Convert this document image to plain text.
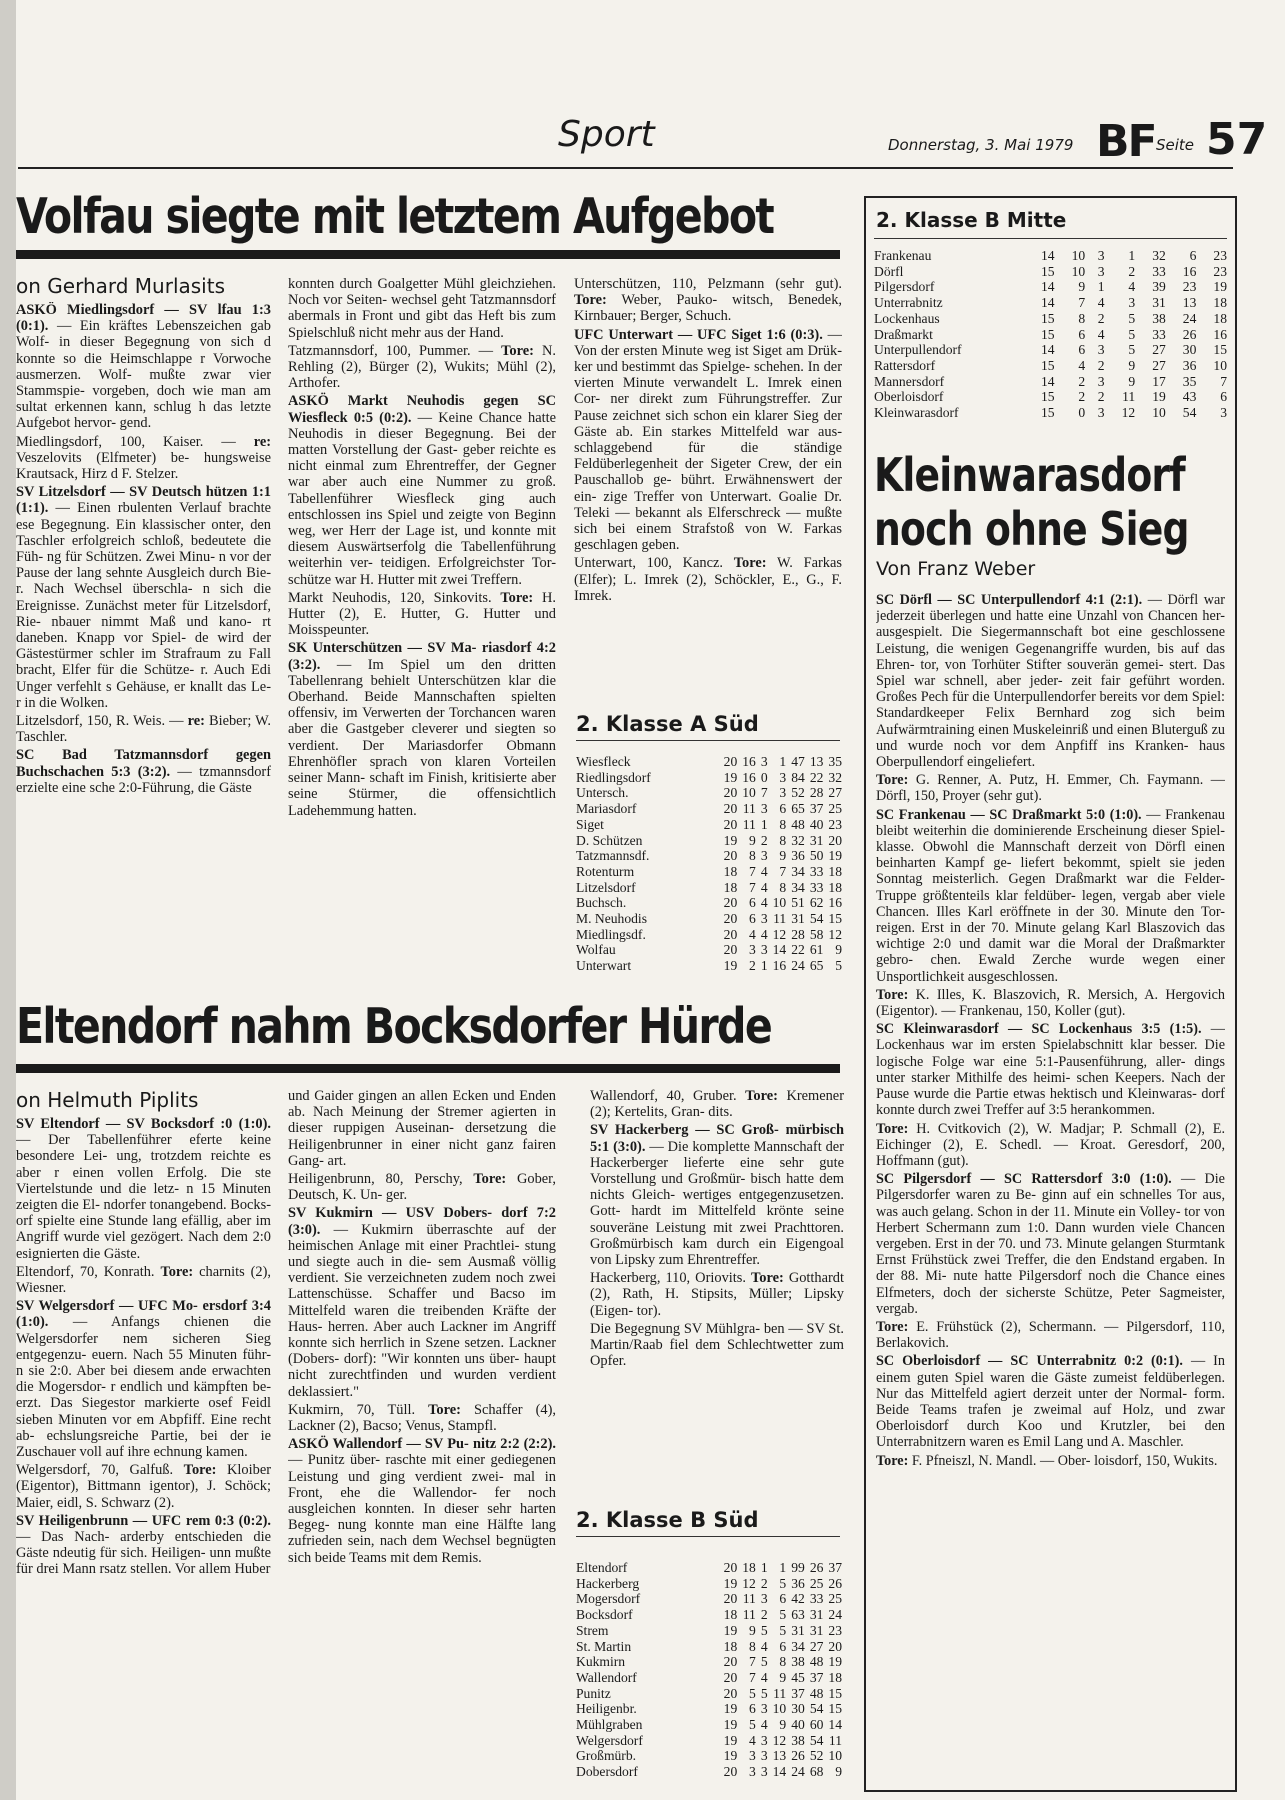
Sport	Donnerstag, 3. Mai 1979 BF Seite 57
Volfau siegte mit letztem Aufgebot
on Gerhard Murlasits

ASKÖ Miedlingsdorf — SV lfau 1:3 (0:1). — Ein kräftes Lebenszeichen gab Wolf- in dieser Begegnung von sich d konnte so die Heimschlappe r Vorwoche ausmerzen. Wolf- mußte zwar vier Stammspie- vorgeben, doch wie man am sultat erkennen kann, schlug h das letzte Aufgebot hervor- gend.

Miedlingsdorf, 100, Kaiser. — re: Veszelovits (Elfmeter) be- hungsweise Krautsack, Hirz d F. Stelzer.

SV Litzelsdorf — SV Deutsch hützen 1:1 (1:1). — Einen rbulenten Verlauf brachte ese Begegnung. Ein klassischer onter, den Taschler erfolgreich schloß, bedeutete die Füh- ng für Schützen. Zwei Minu- n vor der Pause der lang sehnte Ausgleich durch Bie- r. Nach Wechsel überschla- n sich die Ereignisse. Zunächst meter für Litzelsdorf, Rie- nbauer nimmt Maß und kano- rt daneben. Knapp vor Spiel- de wird der Gästestürmer schler im Strafraum zu Fall bracht, Elfer für die Schütze- r. Auch Edi Unger verfehlt s Gehäuse, er knallt das Le- r in die Wolken.

Litzelsdorf, 150, R. Weis. — re: Bieber; W. Taschler.

SC Bad Tatzmannsdorf gegen Buchschachen 5:3 (3:2). — tzmannsdorf erzielte eine sche 2:0-Führung, die Gäste

konnten durch Goalgetter Mühl gleichziehen. Noch vor Seiten- wechsel geht Tatzmannsdorf abermals in Front und gibt das Heft bis zum Spielschluß nicht mehr aus der Hand.

Tatzmannsdorf, 100, Pummer. — Tore: N. Rehling (2), Bürger (2), Wukits; Mühl (2), Arthofer.

ASKÖ Markt Neuhodis gegen SC Wiesfleck 0:5 (0:2). — Keine Chance hatte Neuhodis in dieser Begegnung. Bei der matten Vorstellung der Gast- geber reichte es nicht einmal zum Ehrentreffer, der Gegner war aber auch eine Nummer zu groß. Tabellenführer Wiesfleck ging auch entschlossen ins Spiel und zeigte von Beginn weg, wer Herr der Lage ist, und konnte mit diesem Auswärtserfolg die Tabellenführung weiterhin ver- teidigen. Erfolgreichster Tor- schütze war H. Hutter mit zwei Treffern.

Markt Neuhodis, 120, Sinkovits. Tore: H. Hutter (2), E. Hutter, G. Hutter und Moisspeunter.

SK Unterschützen — SV Ma- riasdorf 4:2 (3:2). — Im Spiel um den dritten Tabellenrang behielt Unterschützen klar die Oberhand. Beide Mannschaften spielten offensiv, im Verwerten der Torchancen waren aber die Gastgeber cleverer und siegten so verdient. Der Mariasdorfer Obmann Ehrenhöfler sprach von klaren Vorteilen seiner Mann- schaft im Finish, kritisierte aber seine Stürmer, die offensichtlich Ladehemmung hatten.

Unterschützen, 110, Pelzmann (sehr gut). Tore: Weber, Pauko- witsch, Benedek, Kirnbauer; Berger, Schuch.

UFC Unterwart — UFC Siget 1:6 (0:3). — Von der ersten Minute weg ist Siget am Drük- ker und bestimmt das Spielge- schehen. In der vierten Minute verwandelt L. Imrek einen Cor- ner direkt zum Führungstreffer. Zur Pause zeichnet sich schon ein klarer Sieg der Gäste ab. Ein starkes Mittelfeld war aus- schlaggebend für die ständige Feldüberlegenheit der Sigeter Crew, der ein Pauschallob ge- bührt. Erwähnenswert der ein- zige Treffer von Unterwart. Goalie Dr. Teleki — bekannt als Elferschreck — mußte sich bei einem Strafstoß von W. Farkas geschlagen geben.

Unterwart, 100, Kancz. Tore: W. Farkas (Elfer); L. Imrek (2), Schöckler, E., G., F. Imrek.

2. Klasse A Süd
Wiesfleck	20	16	3	1	47	13	35
Riedlingsdorf	19	16	0	3	84	22	32
Untersch.	20	10	7	3	52	28	27
Mariasdorf	20	11	3	6	65	37	25
Siget	20	11	1	8	48	40	23
D. Schützen	19	9	2	8	32	31	20
Tatzmannsdf.	20	8	3	9	36	50	19
Rotenturm	18	7	4	7	34	33	18
Litzelsdorf	18	7	4	8	34	33	18
Buchsch.	20	6	4	10	51	62	16
M. Neuhodis	20	6	3	11	31	54	15
Miedlingsdf.	20	4	4	12	28	58	12
Wolfau	20	3	3	14	22	61	9
Unterwart	19	2	1	16	24	65	5
Eltendorf nahm Bocksdorfer Hürde
on Helmuth Piplits

SV Eltendorf — SV Bocksdorf :0 (1:0). — Der Tabellenführer eferte keine besondere Lei- ung, trotzdem reichte es aber r einen vollen Erfolg. Die ste Viertelstunde und die letz- n 15 Minuten zeigten die El- ndorfer tonangebend. Bocks- orf spielte eine Stunde lang efällig, aber im Angriff wurde viel gezögert. Nach dem 2:0 esignierten die Gäste.

Eltendorf, 70, Konrath. Tore: charnits (2), Wiesner.

SV Welgersdorf — UFC Mo- ersdorf 3:4 (1:0). — Anfangs chienen die Welgersdorfer nem sicheren Sieg entgegenzu- euern. Nach 55 Minuten führ- n sie 2:0. Aber bei diesem ande erwachten die Mogersdor- r endlich und kämpften be- erzt. Das Siegestor markierte osef Feidl sieben Minuten vor em Abpfiff. Eine recht ab- echslungsreiche Partie, bei der ie Zuschauer voll auf ihre echnung kamen.

Welgersdorf, 70, Galfuß. Tore: Kloiber (Eigentor), Bittmann igentor), J. Schöck; Maier, eidl, S. Schwarz (2).

SV Heiligenbrunn — UFC rem 0:3 (0:2). — Das Nach- arderby entschieden die Gäste ndeutig für sich. Heiligen- unn mußte für drei Mann rsatz stellen. Vor allem Huber

und Gaider gingen an allen Ecken und Enden ab. Nach Meinung der Stremer agierten in dieser ruppigen Auseinan- dersetzung die Heiligenbrunner in einer nicht ganz fairen Gang- art.

Heiligenbrunn, 80, Perschy, Tore: Gober, Deutsch, K. Un- ger.

SV Kukmirn — USV Dobers- dorf 7:2 (3:0). — Kukmirn überraschte auf der heimischen Anlage mit einer Prachtlei- stung und siegte auch in die- sem Ausmaß völlig verdient. Sie verzeichneten zudem noch zwei Lattenschüsse. Schaffer und Bacso im Mittelfeld waren die treibenden Kräfte der Haus- herren. Aber auch Lackner im Angriff konnte sich herrlich in Szene setzen. Lackner (Dobers- dorf): "Wir konnten uns über- haupt nicht zurechtfinden und wurden verdient deklassiert."

Kukmirn, 70, Tüll. Tore: Schaffer (4), Lackner (2), Bacso; Venus, Stampfl.

ASKÖ Wallendorf — SV Pu- nitz 2:2 (2:2). — Punitz über- raschte mit einer gediegenen Leistung und ging verdient zwei- mal in Front, ehe die Wallendor- fer noch ausgleichen konnten. In dieser sehr harten Begeg- nung konnte man eine Hälfte lang zufrieden sein, nach dem Wechsel begnügten sich beide Teams mit dem Remis.

Wallendorf, 40, Gruber. Tore: Kremener (2); Kertelits, Gran- dits.

SV Hackerberg — SC Groß- mürbisch 5:1 (3:0). — Die komplette Mannschaft der Hackerberger lieferte eine sehr gute Vorstellung und Großmür- bisch hatte dem nichts Gleich- wertiges entgegenzusetzen. Gott- hardt im Mittelfeld krönte seine souveräne Leistung mit zwei Prachttoren. Großmürbisch kam durch ein Eigengoal von Lipsky zum Ehrentreffer.

Hackerberg, 110, Oriovits. Tore: Gotthardt (2), Rath, H. Stipsits, Müller; Lipsky (Eigen- tor).

Die Begegnung SV Mühlgra- ben — SV St. Martin/Raab fiel dem Schlechtwetter zum Opfer.

2. Klasse B Süd
Eltendorf	20	18	1	1	99	26	37
Hackerberg	19	12	2	5	36	25	26
Mogersdorf	20	11	3	6	42	33	25
Bocksdorf	18	11	2	5	63	31	24
Strem	19	9	5	5	31	31	23
St. Martin	18	8	4	6	34	27	20
Kukmirn	20	7	5	8	38	48	19
Wallendorf	20	7	4	9	45	37	18
Punitz	20	5	5	11	37	48	15
Heiligenbr.	19	6	3	10	30	54	15
Mühlgraben	19	5	4	9	40	60	14
Welgersdorf	19	4	3	12	38	54	11
Großmürb.	19	3	3	13	26	52	10
Dobersdorf	20	3	3	14	24	68	9
2. Klasse B Mitte
Frankenau	14	10	3	1	32	6	23
Dörfl	15	10	3	2	33	16	23
Pilgersdorf	14	9	1	4	39	23	19
Unterrabnitz	14	7	4	3	31	13	18
Lockenhaus	15	8	2	5	38	24	18
Draßmarkt	15	6	4	5	33	26	16
Unterpullendorf	14	6	3	5	27	30	15
Rattersdorf	15	4	2	9	27	36	10
Mannersdorf	14	2	3	9	17	35	7
Oberloisdorf	15	2	2	11	19	43	6
Kleinwarasdorf	15	0	3	12	10	54	3
Kleinwarasdorf
noch ohne Sieg
Von Franz Weber

SC Dörfl — SC Unterpullendorf 4:1 (2:1). — Dörfl war jederzeit überlegen und hatte eine Unzahl von Chancen her- ausgespielt. Die Siegermannschaft bot eine geschlossene Leistung, die wenigen Gegenangriffe wurden, bis auf das Ehren- tor, von Torhüter Stifter souverän gemei- stert. Das Spiel war schnell, aber jeder- zeit fair geführt worden. Großes Pech für die Unterpullendorfer bereits vor dem Spiel: Standardkeeper Felix Bernhard zog sich beim Aufwärmtraining einen Muskeleinriß und einen Bluterguß zu und wurde noch vor dem Anpfiff ins Kranken- haus Oberpullendorf eingeliefert.

Tore: G. Renner, A. Putz, H. Emmer, Ch. Faymann. — Dörfl, 150, Proyer (sehr gut).

SC Frankenau — SC Draßmarkt 5:0 (1:0). — Frankenau bleibt weiterhin die dominierende Erscheinung dieser Spiel- klasse. Obwohl die Mannschaft derzeit von Dörfl einen beinharten Kampf ge- liefert bekommt, spielt sie jeden Sonntag meisterlich. Gegen Draßmarkt war die Felder-Truppe größtenteils klar feldüber- legen, vergab aber viele Chancen. Illes Karl eröffnete in der 30. Minute den Tor- reigen. Erst in der 70. Minute gelang Karl Blaszovich das wichtige 2:0 und damit war die Moral der Draßmarkter gebro- chen. Ewald Zerche wurde wegen einer Unsportlichkeit ausgeschlossen.

Tore: K. Illes, K. Blaszovich, R. Mersich, A. Hergovich (Eigentor). — Frankenau, 150, Koller (gut).

SC Kleinwarasdorf — SC Lockenhaus 3:5 (1:5). — Lockenhaus war im ersten Spielabschnitt klar besser. Die logische Folge war eine 5:1-Pausenführung, aller- dings unter starker Mithilfe des heimi- schen Keepers. Nach der Pause wurde die Partie etwas hektisch und Kleinwaras- dorf konnte durch zwei Treffer auf 3:5 herankommen.

Tore: H. Cvitkovich (2), W. Madjar; P. Schmall (2), E. Eichinger (2), E. Schedl. — Kroat. Geresdorf, 200, Hoffmann (gut).

SC Pilgersdorf — SC Rattersdorf 3:0 (1:0). — Die Pilgersdorfer waren zu Be- ginn auf ein schnelles Tor aus, was auch gelang. Schon in der 11. Minute ein Volley- tor von Herbert Schermann zum 1:0. Dann wurden viele Chancen vergeben. Erst in der 70. und 73. Minute gelangen Sturmtank Ernst Frühstück zwei Treffer, die den Endstand ergaben. In der 88. Mi- nute hatte Pilgersdorf noch die Chance eines Elfmeters, doch der sicherste Schütze, Peter Sagmeister, vergab.

Tore: E. Frühstück (2), Schermann. — Pilgersdorf, 110, Berlakovich.

SC Oberloisdorf — SC Unterrabnitz 0:2 (0:1). — In einem guten Spiel waren die Gäste zumeist feldüberlegen. Nur das Mittelfeld agiert derzeit unter der Normal- form. Beide Teams trafen je zweimal auf Holz, und zwar Oberloisdorf durch Koo und Krutzler, bei den Unterrabnitzern waren es Emil Lang und A. Maschler.

Tore: F. Pfneiszl, N. Mandl. — Ober- loisdorf, 150, Wukits.
